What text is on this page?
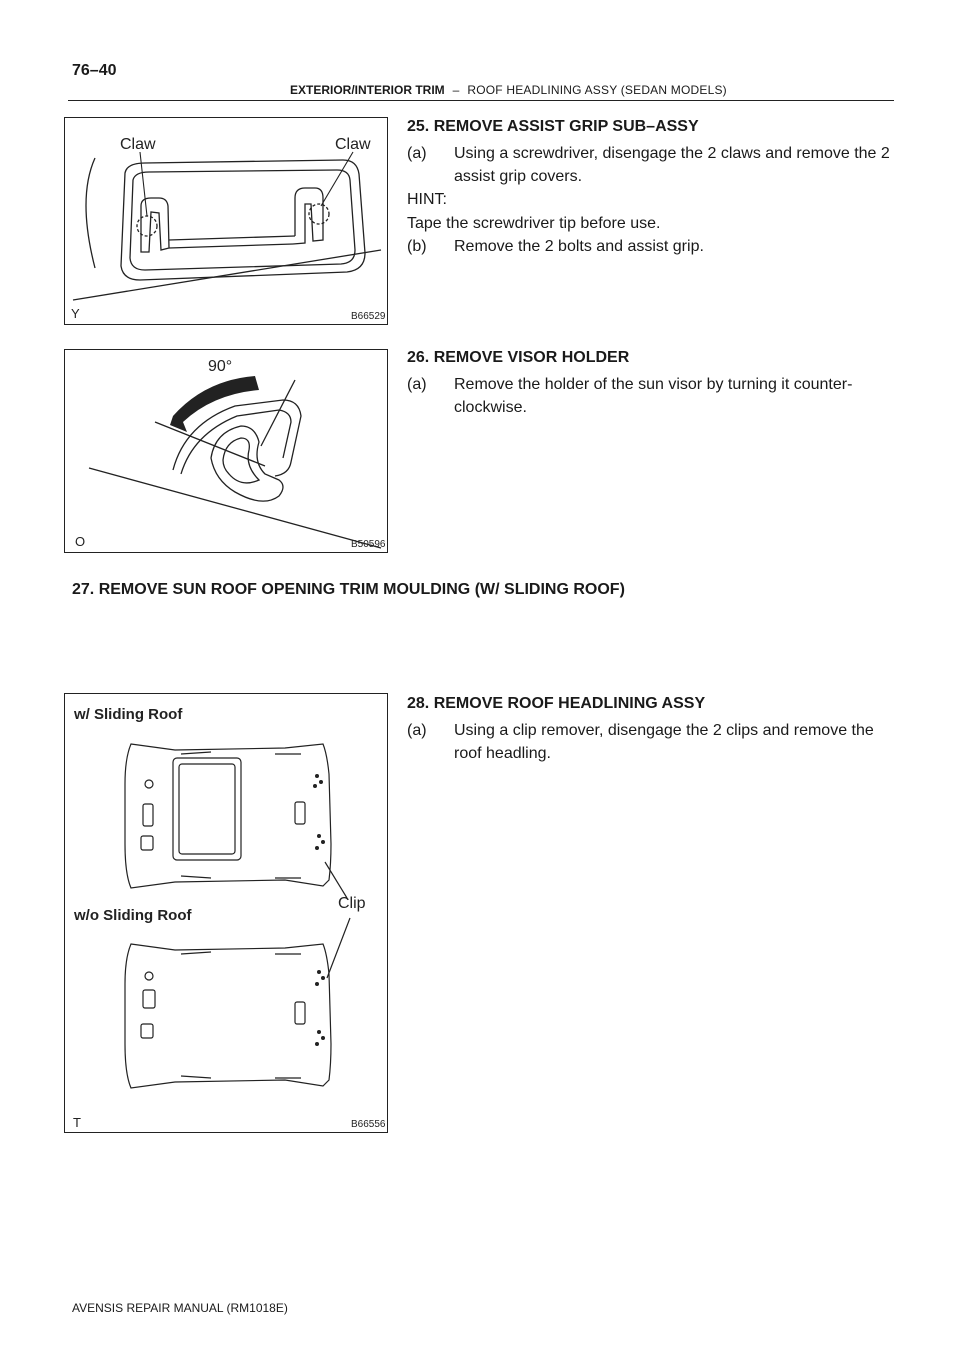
76–40
EXTERIOR/INTERIOR TRIM – ROOF HEADLINING ASSY (SEDAN MODELS)
Claw	Claw
Y	B66529
90°
O	B50596
w/ Sliding Roof
w/o Sliding Roof
Clip
T	B66556
25. REMOVE ASSIST GRIP SUB–ASSY
(a)	Using a screwdriver, disengage the 2 claws and remove the 2 assist grip covers.
HINT:
Tape the screwdriver tip before use.
(b)	Remove the 2 bolts and assist grip.
26. REMOVE VISOR HOLDER
(a)	Remove the holder of the sun visor by turning it counter-clockwise.
27. REMOVE SUN ROOF OPENING TRIM MOULDING (W/ SLIDING ROOF)
28. REMOVE ROOF HEADLINING ASSY
(a)	Using a clip remover, disengage the 2 clips and remove the roof headling.
AVENSIS REPAIR MANUAL (RM1018E)
